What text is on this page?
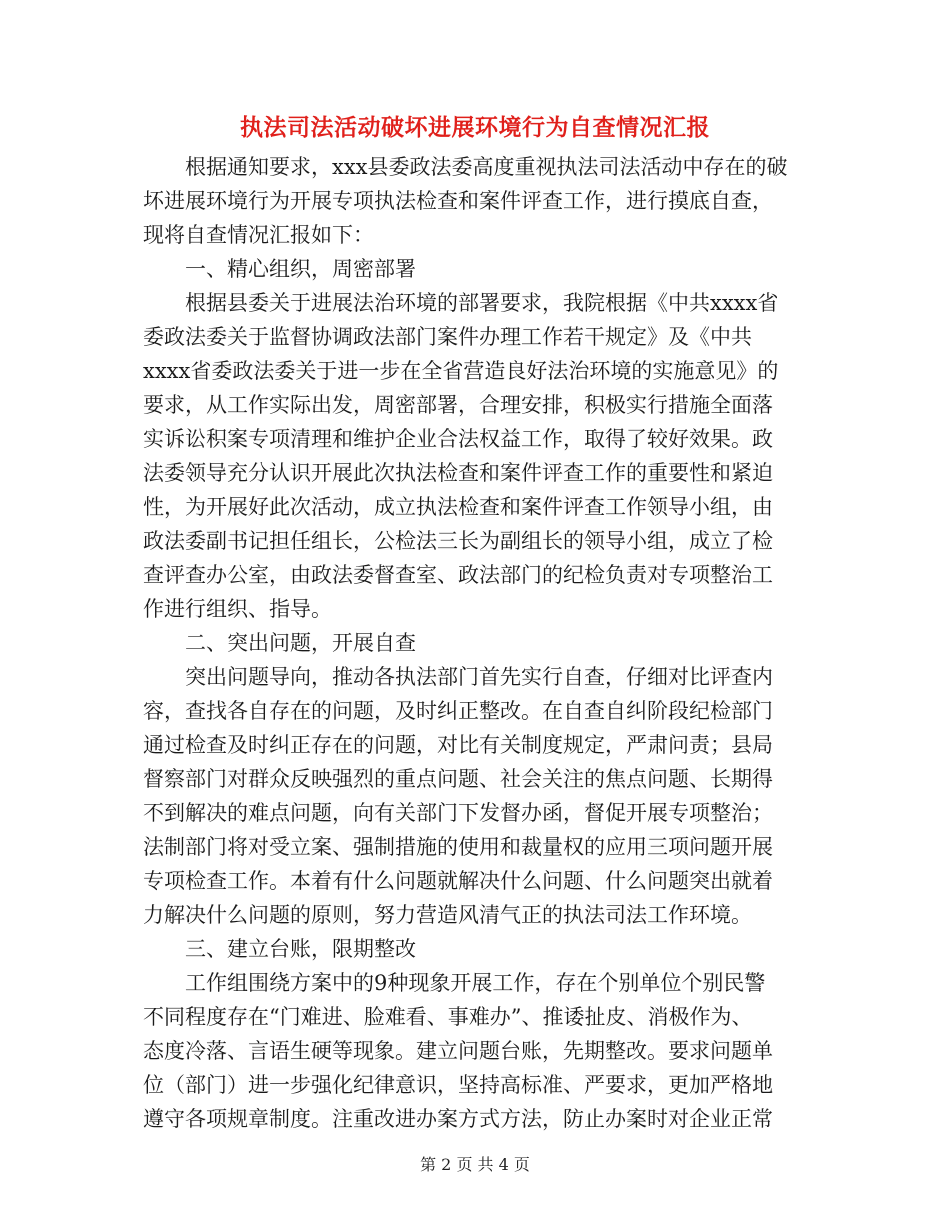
执法司法活动破坏进展环境行为自查情况汇报
　　根据通知要求，xxx县委政法委高度重视执法司法活动中存在的破
坏进展环境行为开展专项执法检查和案件评查工作，进行摸底自查，
现将自查情况汇报如下：
　　一、精心组织，周密部署
　　根据县委关于进展法治环境的部署要求，我院根据《中共xxxx省
委政法委关于监督协调政法部门案件办理工作若干规定》及《中共
xxxx省委政法委关于进一步在全省营造良好法治环境的实施意见》的
要求，从工作实际出发，周密部署，合理安排，积极实行措施全面落
实诉讼积案专项清理和维护企业合法权益工作，取得了较好效果。政
法委领导充分认识开展此次执法检查和案件评查工作的重要性和紧迫
性，为开展好此次活动，成立执法检查和案件评查工作领导小组，由
政法委副书记担任组长，公检法三长为副组长的领导小组，成立了检
查评查办公室，由政法委督查室、政法部门的纪检负责对专项整治工
作进行组织、指导。
　　二、突出问题，开展自查
　　突出问题导向，推动各执法部门首先实行自查，仔细对比评查内
容，查找各自存在的问题，及时纠正整改。在自查自纠阶段纪检部门
通过检查及时纠正存在的问题，对比有关制度规定，严肃问责；县局
督察部门对群众反映强烈的重点问题、社会关注的焦点问题、长期得
不到解决的难点问题，向有关部门下发督办函，督促开展专项整治；
法制部门将对受立案、强制措施的使用和裁量权的应用三项问题开展
专项检查工作。本着有什么问题就解决什么问题、什么问题突出就着
力解决什么问题的原则，努力营造风清气正的执法司法工作环境。
　　三、建立台账，限期整改
　　工作组围绕方案中的9种现象开展工作，存在个别单位个别民警
不同程度存在“门难进、脸难看、事难办”、推诿扯皮、消极作为、
态度冷落、言语生硬等现象。建立问题台账，先期整改。要求问题单
位（部门）进一步强化纪律意识，坚持高标准、严要求，更加严格地
遵守各项规章制度。注重改进办案方式方法，防止办案时对企业正常
第 2 页 共 4 页
